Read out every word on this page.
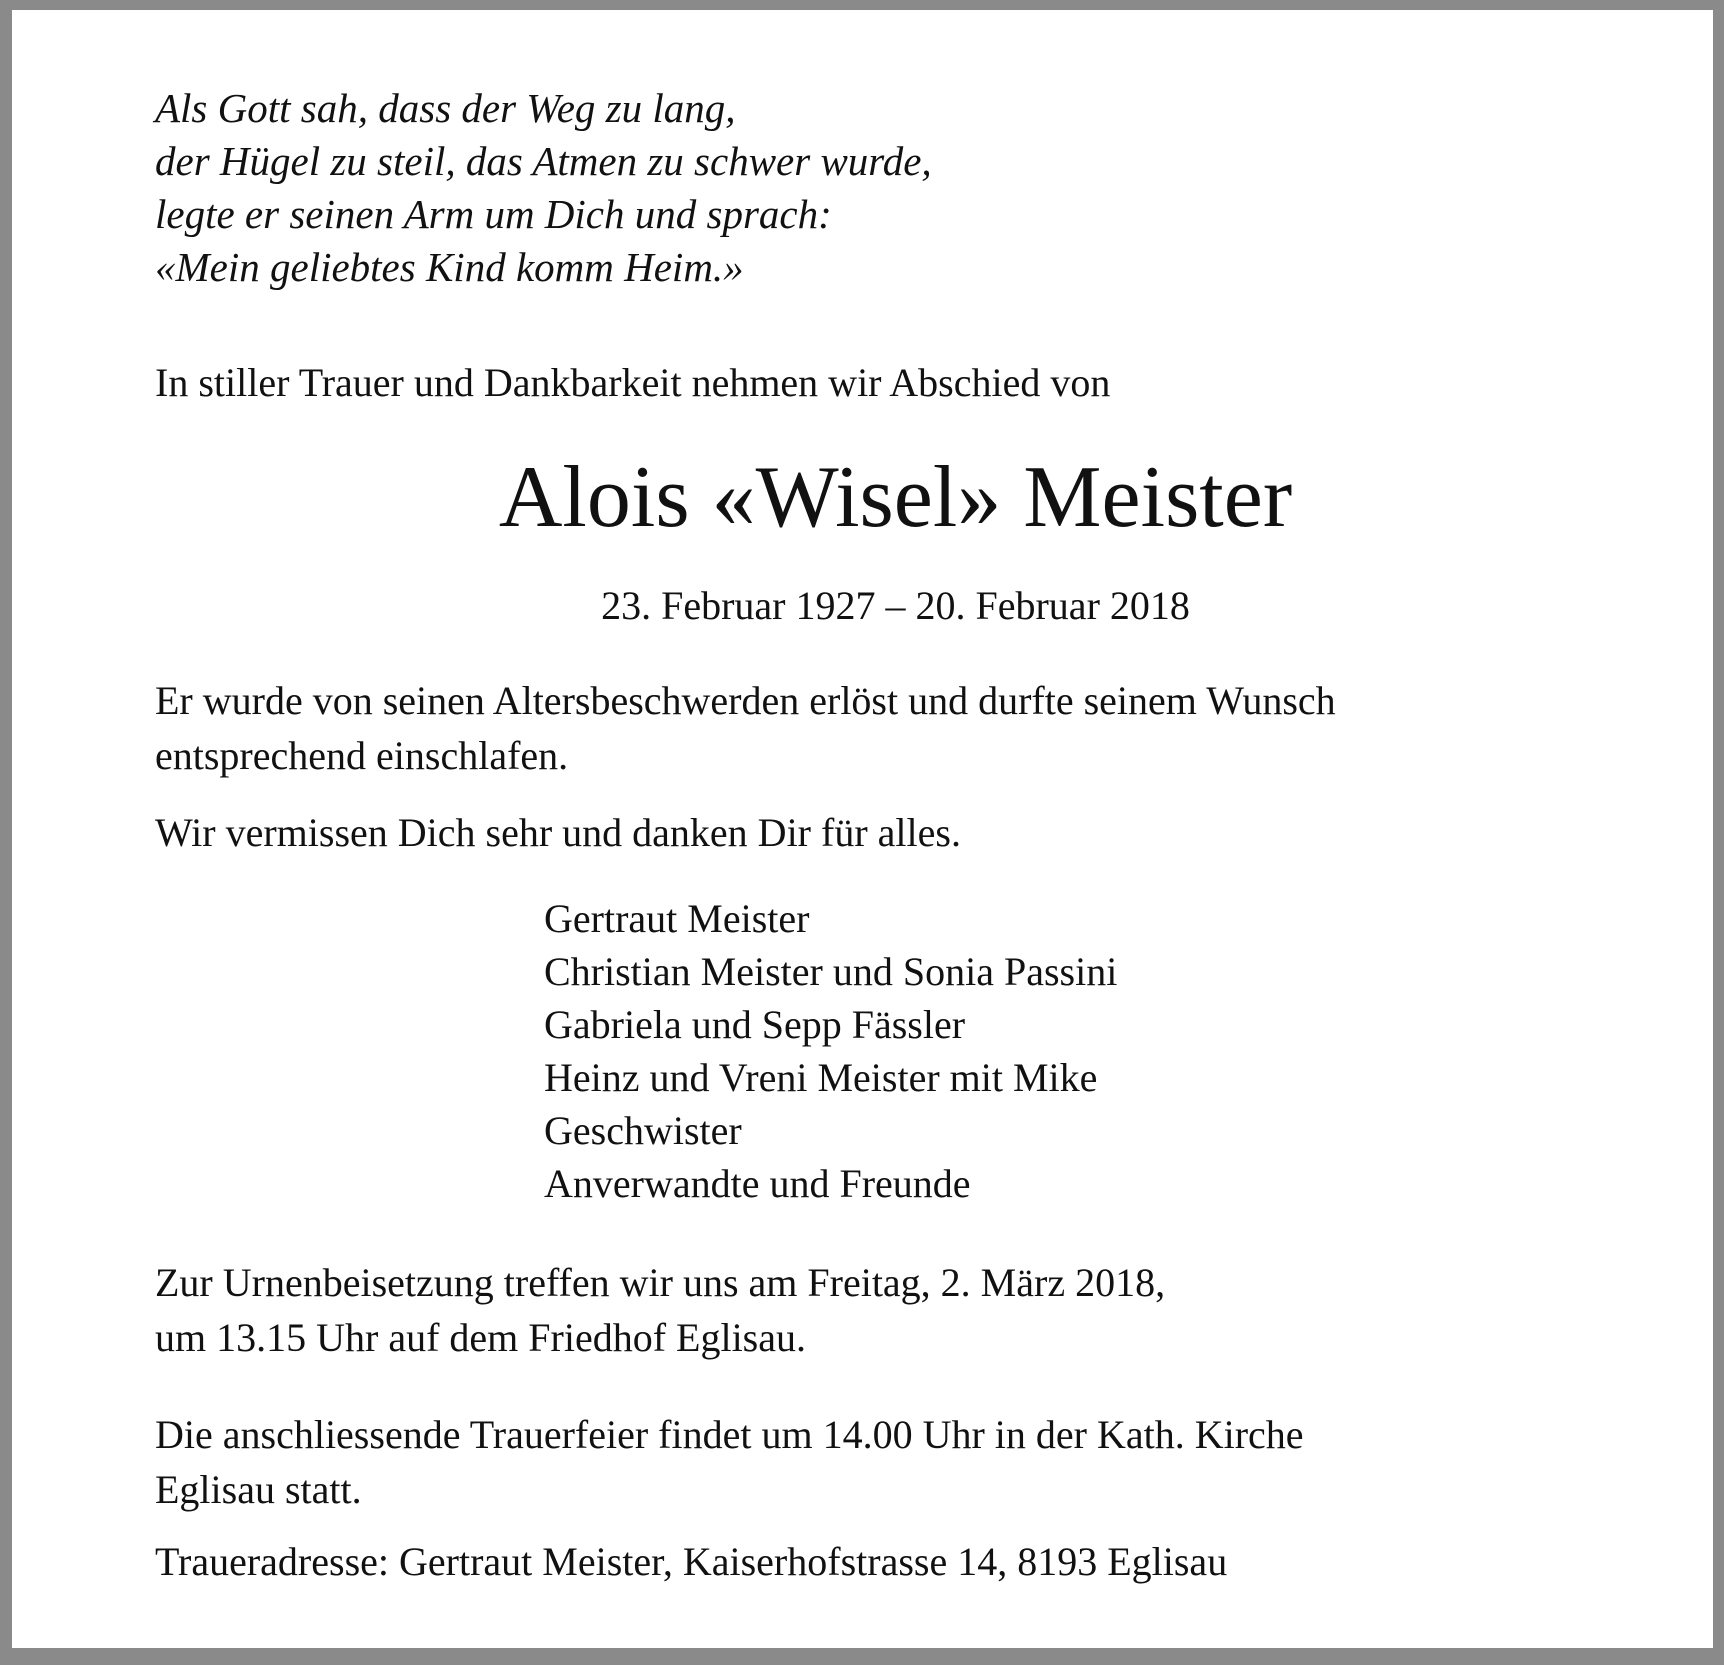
Als Gott sah, dass der Weg zu lang,
der Hügel zu steil, das Atmen zu schwer wurde,
legte er seinen Arm um Dich und sprach:
«Mein geliebtes Kind komm Heim.»

In stiller Trauer und Dankbarkeit nehmen wir Abschied von

Alois «Wisel» Meister
23. Februar 1927 – 20. Februar 2018

Er wurde von seinen Altersbeschwerden erlöst und durfte seinem Wunsch
entsprechend einschlafen.

Wir vermissen Dich sehr und danken Dir für alles.

Gertraut Meister
Christian Meister und Sonia Passini
Gabriela und Sepp Fässler
Heinz und Vreni Meister mit Mike
Geschwister
Anverwandte und Freunde

Zur Urnenbeisetzung treffen wir uns am Freitag, 2. März 2018,
um 13.15 Uhr auf dem Friedhof Eglisau.

Die anschliessende Trauerfeier findet um 14.00 Uhr in der Kath. Kirche
Eglisau statt.

Traueradresse: Gertraut Meister, Kaiserhofstrasse 14, 8193 Eglisau
